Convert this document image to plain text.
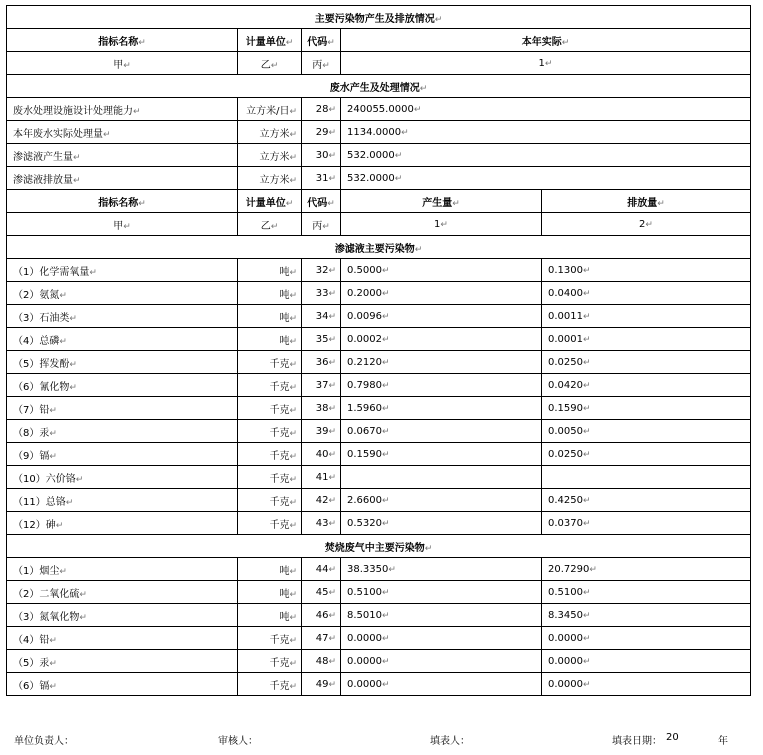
主要污染物产生及排放情况↵				
指标名称↵	计量单位↵	代码↵	本年实际↵	
甲↵	乙↵	丙↵	1↵	
废水产生及处理情况↵				
废水处理设施设计处理能力↵	立方米/日↵	28↵	240055.0000↵	
本年废水实际处理量↵	立方米↵	29↵	1134.0000↵	
渗滤液产生量↵	立方米↵	30↵	532.0000↵	
渗滤液排放量↵	立方米↵	31↵	532.0000↵	
指标名称↵	计量单位↵	代码↵	产生量↵	排放量↵
甲↵	乙↵	丙↵	1↵	2↵
渗滤液主要污染物↵				
（1）化学需氧量↵	吨↵	32↵	0.5000↵	0.1300↵
（2）氨氮↵	吨↵	33↵	0.2000↵	0.0400↵
（3）石油类↵	吨↵	34↵	0.0096↵	0.0011↵
（4）总磷↵	吨↵	35↵	0.0002↵	0.0001↵
（5）挥发酚↵	千克↵	36↵	0.2120↵	0.0250↵
（6）氰化物↵	千克↵	37↵	0.7980↵	0.0420↵
（7）铅↵	千克↵	38↵	1.5960↵	0.1590↵
（8）汞↵	千克↵	39↵	0.0670↵	0.0050↵
（9）镉↵	千克↵	40↵	0.1590↵	0.0250↵
（10）六价铬↵	千克↵	41↵		
（11）总铬↵	千克↵	42↵	2.6600↵	0.4250↵
（12）砷↵	千克↵	43↵	0.5320↵	0.0370↵
焚烧废气中主要污染物↵				
（1）烟尘↵	吨↵	44↵	38.3350↵	20.7290↵
（2）二氧化硫↵	吨↵	45↵	0.5100↵	0.5100↵
（3）氮氧化物↵	吨↵	46↵	8.5010↵	8.3450↵
（4）铅↵	千克↵	47↵	0.0000↵	0.0000↵
（5）汞↵	千克↵	48↵	0.0000↵	0.0000↵
（6）镉↵	千克↵	49↵	0.0000↵	0.0000↵
单位负责人：	审核人：	填表人：	填表日期： 20	年
